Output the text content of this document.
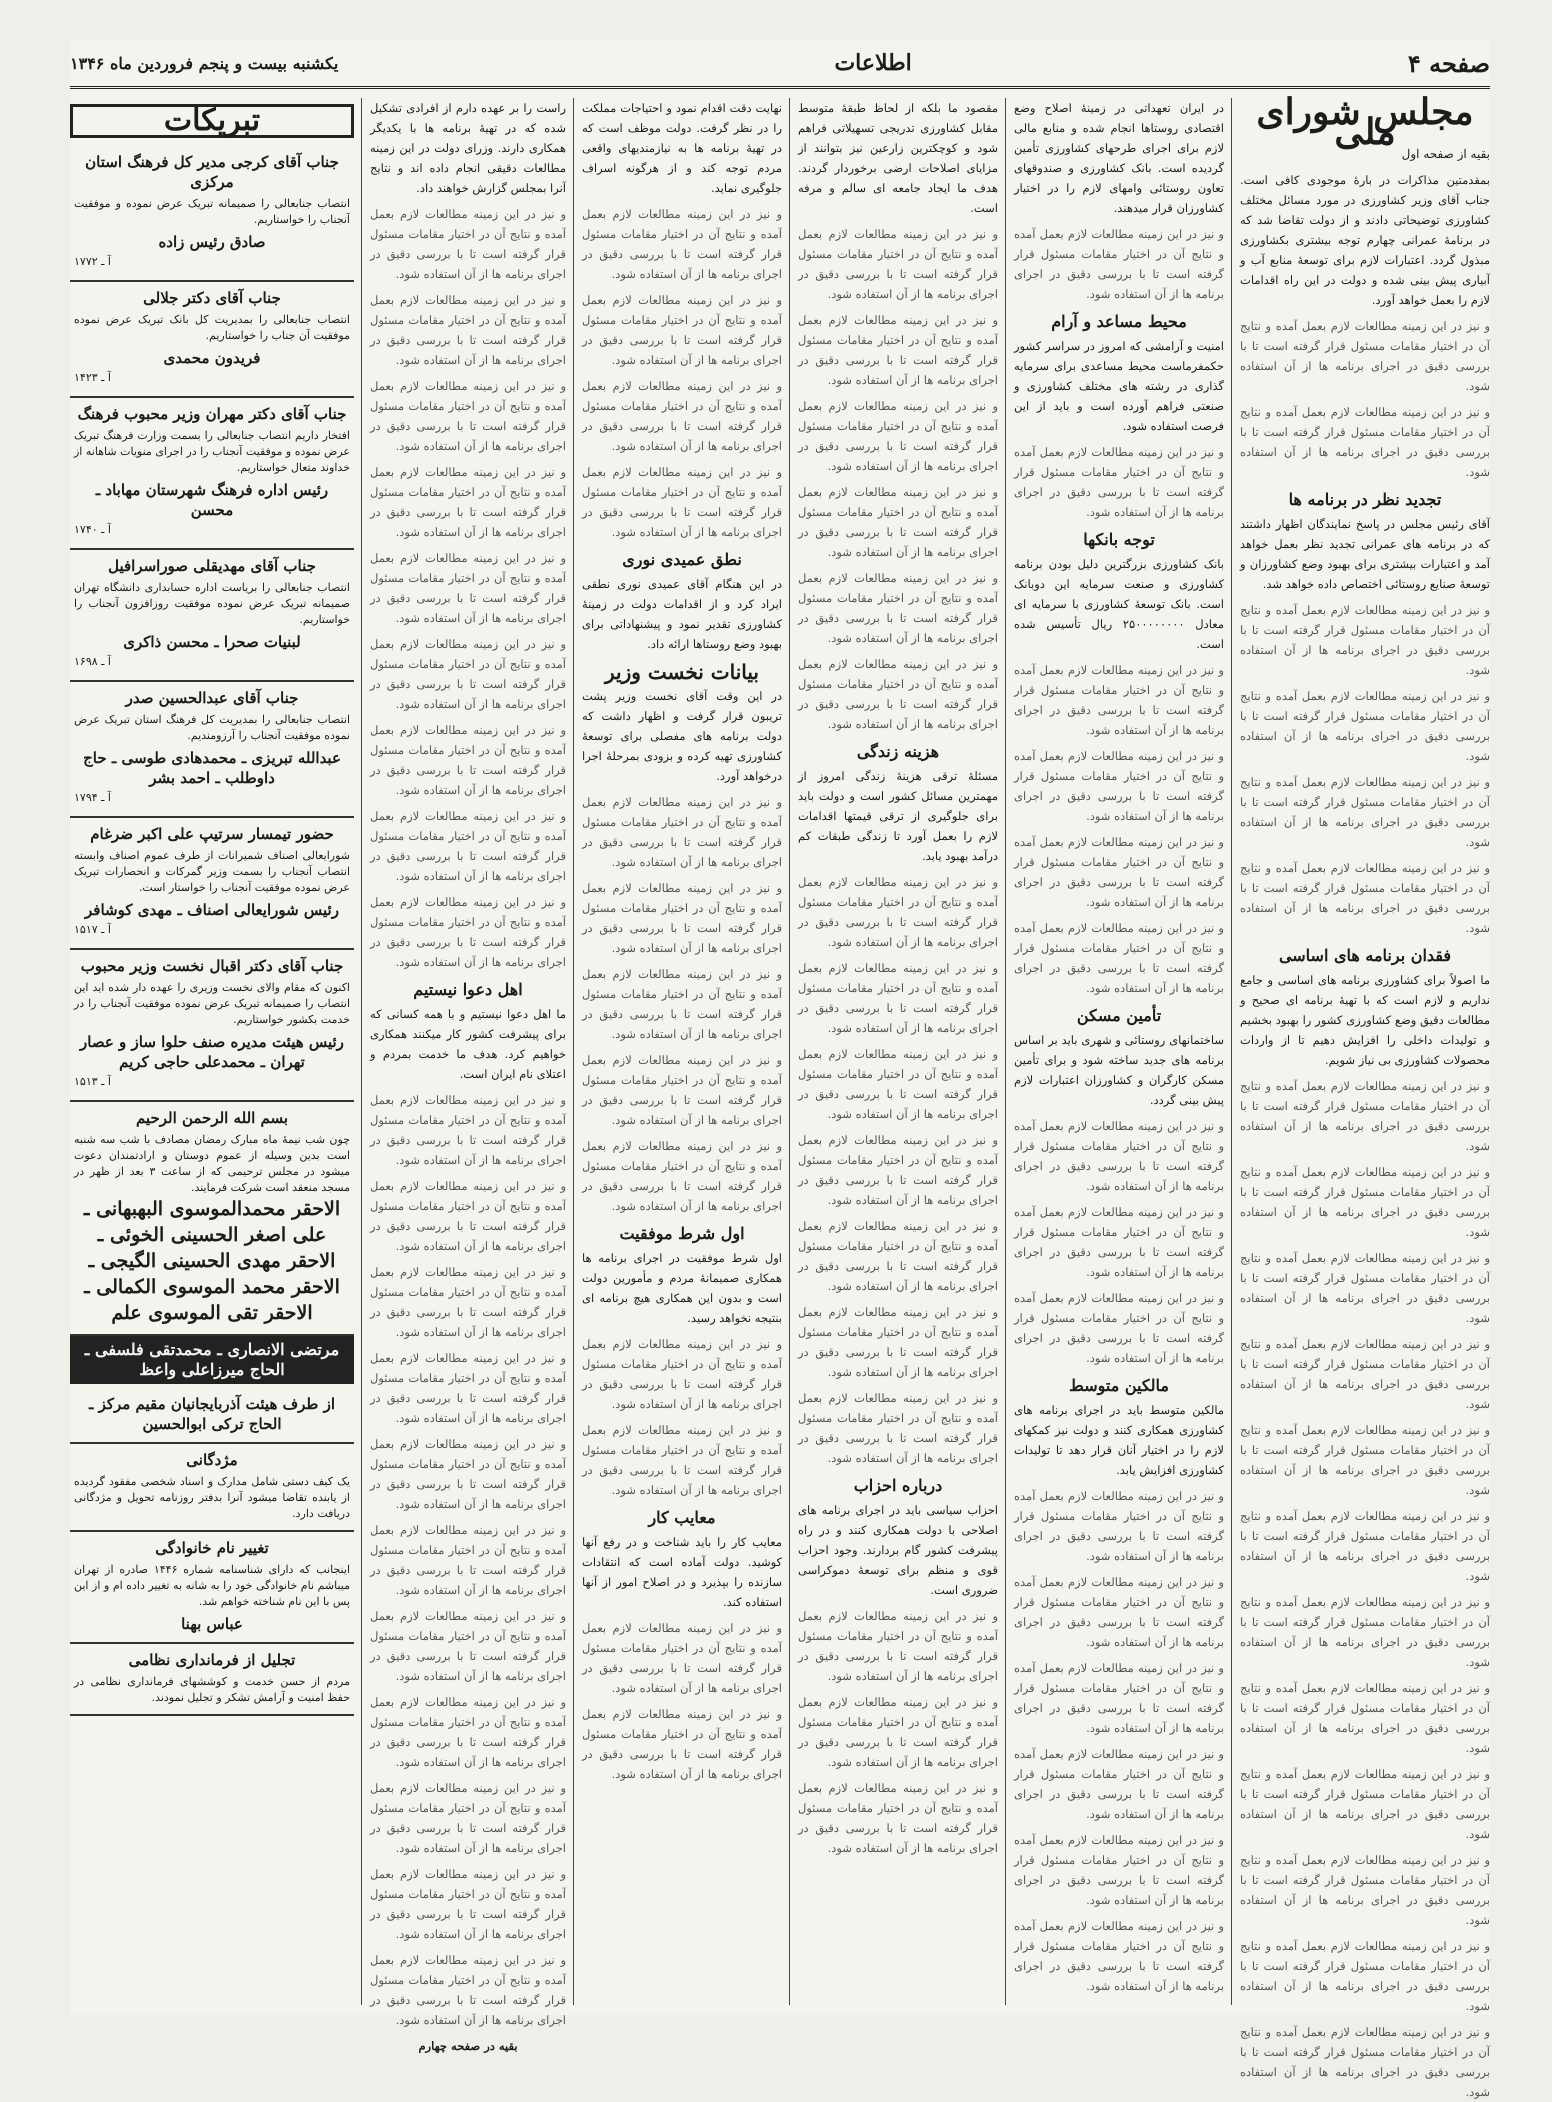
صفحه ۴
اطلاعات
یکشنبه بیست و پنجم فروردین ماه ۱۳۴۶
مجلس شورای ملی
بقیه از صفحه اول

بمقدمتین مذاکرات در بارهٔ موجودی کافی است. جناب آقای وزیر کشاورزی در مورد مسائل مختلف کشاورزی توضیحاتی دادند و از دولت تقاضا شد که در برنامهٔ عمرانی چهارم توجه بیشتری بکشاورزی مبذول گردد. اعتبارات لازم برای توسعهٔ منابع آب و آبیاری پیش بینی شده و دولت در این راه اقدامات لازم را بعمل خواهد آورد.

و نیز در این زمینه مطالعات لازم بعمل آمده و نتایج آن در اختیار مقامات مسئول قرار گرفته است تا با بررسی دقیق در اجرای برنامه ها از آن استفاده شود.

و نیز در این زمینه مطالعات لازم بعمل آمده و نتایج آن در اختیار مقامات مسئول قرار گرفته است تا با بررسی دقیق در اجرای برنامه ها از آن استفاده شود.

تجدید نظر در برنامه ها

آقای رئیس مجلس در پاسخ نمایندگان اظهار داشتند که در برنامه های عمرانی تجدید نظر بعمل خواهد آمد و اعتبارات بیشتری برای بهبود وضع کشاورزان و توسعهٔ صنایع روستائی اختصاص داده خواهد شد.

و نیز در این زمینه مطالعات لازم بعمل آمده و نتایج آن در اختیار مقامات مسئول قرار گرفته است تا با بررسی دقیق در اجرای برنامه ها از آن استفاده شود.

و نیز در این زمینه مطالعات لازم بعمل آمده و نتایج آن در اختیار مقامات مسئول قرار گرفته است تا با بررسی دقیق در اجرای برنامه ها از آن استفاده شود.

و نیز در این زمینه مطالعات لازم بعمل آمده و نتایج آن در اختیار مقامات مسئول قرار گرفته است تا با بررسی دقیق در اجرای برنامه ها از آن استفاده شود.

و نیز در این زمینه مطالعات لازم بعمل آمده و نتایج آن در اختیار مقامات مسئول قرار گرفته است تا با بررسی دقیق در اجرای برنامه ها از آن استفاده شود.

فقدان برنامه های اساسی

ما اصولاً برای کشاورزی برنامه های اساسی و جامع نداریم و لازم است که با تهیهٔ برنامه ای صحیح و مطالعات دقیق وضع کشاورزی کشور را بهبود بخشیم و تولیدات داخلی را افزایش دهیم تا از واردات محصولات کشاورزی بی نیاز شویم.

و نیز در این زمینه مطالعات لازم بعمل آمده و نتایج آن در اختیار مقامات مسئول قرار گرفته است تا با بررسی دقیق در اجرای برنامه ها از آن استفاده شود.

و نیز در این زمینه مطالعات لازم بعمل آمده و نتایج آن در اختیار مقامات مسئول قرار گرفته است تا با بررسی دقیق در اجرای برنامه ها از آن استفاده شود.

و نیز در این زمینه مطالعات لازم بعمل آمده و نتایج آن در اختیار مقامات مسئول قرار گرفته است تا با بررسی دقیق در اجرای برنامه ها از آن استفاده شود.

و نیز در این زمینه مطالعات لازم بعمل آمده و نتایج آن در اختیار مقامات مسئول قرار گرفته است تا با بررسی دقیق در اجرای برنامه ها از آن استفاده شود.

و نیز در این زمینه مطالعات لازم بعمل آمده و نتایج آن در اختیار مقامات مسئول قرار گرفته است تا با بررسی دقیق در اجرای برنامه ها از آن استفاده شود.

و نیز در این زمینه مطالعات لازم بعمل آمده و نتایج آن در اختیار مقامات مسئول قرار گرفته است تا با بررسی دقیق در اجرای برنامه ها از آن استفاده شود.

و نیز در این زمینه مطالعات لازم بعمل آمده و نتایج آن در اختیار مقامات مسئول قرار گرفته است تا با بررسی دقیق در اجرای برنامه ها از آن استفاده شود.

و نیز در این زمینه مطالعات لازم بعمل آمده و نتایج آن در اختیار مقامات مسئول قرار گرفته است تا با بررسی دقیق در اجرای برنامه ها از آن استفاده شود.

و نیز در این زمینه مطالعات لازم بعمل آمده و نتایج آن در اختیار مقامات مسئول قرار گرفته است تا با بررسی دقیق در اجرای برنامه ها از آن استفاده شود.

و نیز در این زمینه مطالعات لازم بعمل آمده و نتایج آن در اختیار مقامات مسئول قرار گرفته است تا با بررسی دقیق در اجرای برنامه ها از آن استفاده شود.

و نیز در این زمینه مطالعات لازم بعمل آمده و نتایج آن در اختیار مقامات مسئول قرار گرفته است تا با بررسی دقیق در اجرای برنامه ها از آن استفاده شود.

و نیز در این زمینه مطالعات لازم بعمل آمده و نتایج آن در اختیار مقامات مسئول قرار گرفته است تا با بررسی دقیق در اجرای برنامه ها از آن استفاده شود.

در ایران تعهداتی در زمینهٔ اصلاح وضع اقتصادی روستاها انجام شده و منابع مالی لازم برای اجرای طرحهای کشاورزی تأمین گردیده است. بانک کشاورزی و صندوقهای تعاون روستائی وامهای لازم را در اختیار کشاورزان قرار میدهند.

و نیز در این زمینه مطالعات لازم بعمل آمده و نتایج آن در اختیار مقامات مسئول قرار گرفته است تا با بررسی دقیق در اجرای برنامه ها از آن استفاده شود.

محیط مساعد و آرام

امنیت و آرامشی که امروز در سراسر کشور حکمفرماست محیط مساعدی برای سرمایه گذاری در رشته های مختلف کشاورزی و صنعتی فراهم آورده است و باید از این فرصت استفاده شود.

و نیز در این زمینه مطالعات لازم بعمل آمده و نتایج آن در اختیار مقامات مسئول قرار گرفته است تا با بررسی دقیق در اجرای برنامه ها از آن استفاده شود.

توجه بانکها

بانک کشاورزی بزرگترین دلیل بودن برنامه کشاورزی و صنعت سرمایه این دوبانک است. بانک توسعهٔ کشاورزی با سرمایه ای معادل ۲۵۰۰۰۰۰۰۰۰ ریال تأسیس شده است.

و نیز در این زمینه مطالعات لازم بعمل آمده و نتایج آن در اختیار مقامات مسئول قرار گرفته است تا با بررسی دقیق در اجرای برنامه ها از آن استفاده شود.

و نیز در این زمینه مطالعات لازم بعمل آمده و نتایج آن در اختیار مقامات مسئول قرار گرفته است تا با بررسی دقیق در اجرای برنامه ها از آن استفاده شود.

و نیز در این زمینه مطالعات لازم بعمل آمده و نتایج آن در اختیار مقامات مسئول قرار گرفته است تا با بررسی دقیق در اجرای برنامه ها از آن استفاده شود.

و نیز در این زمینه مطالعات لازم بعمل آمده و نتایج آن در اختیار مقامات مسئول قرار گرفته است تا با بررسی دقیق در اجرای برنامه ها از آن استفاده شود.

تأمین مسکن

ساختمانهای روستائی و شهری باید بر اساس برنامه های جدید ساخته شود و برای تأمین مسکن کارگران و کشاورزان اعتبارات لازم پیش بینی گردد.

و نیز در این زمینه مطالعات لازم بعمل آمده و نتایج آن در اختیار مقامات مسئول قرار گرفته است تا با بررسی دقیق در اجرای برنامه ها از آن استفاده شود.

و نیز در این زمینه مطالعات لازم بعمل آمده و نتایج آن در اختیار مقامات مسئول قرار گرفته است تا با بررسی دقیق در اجرای برنامه ها از آن استفاده شود.

و نیز در این زمینه مطالعات لازم بعمل آمده و نتایج آن در اختیار مقامات مسئول قرار گرفته است تا با بررسی دقیق در اجرای برنامه ها از آن استفاده شود.

مالکین متوسط

مالکین متوسط باید در اجرای برنامه های کشاورزی همکاری کنند و دولت نیز کمکهای لازم را در اختیار آنان قرار دهد تا تولیدات کشاورزی افزایش یابد.

و نیز در این زمینه مطالعات لازم بعمل آمده و نتایج آن در اختیار مقامات مسئول قرار گرفته است تا با بررسی دقیق در اجرای برنامه ها از آن استفاده شود.

و نیز در این زمینه مطالعات لازم بعمل آمده و نتایج آن در اختیار مقامات مسئول قرار گرفته است تا با بررسی دقیق در اجرای برنامه ها از آن استفاده شود.

و نیز در این زمینه مطالعات لازم بعمل آمده و نتایج آن در اختیار مقامات مسئول قرار گرفته است تا با بررسی دقیق در اجرای برنامه ها از آن استفاده شود.

و نیز در این زمینه مطالعات لازم بعمل آمده و نتایج آن در اختیار مقامات مسئول قرار گرفته است تا با بررسی دقیق در اجرای برنامه ها از آن استفاده شود.

و نیز در این زمینه مطالعات لازم بعمل آمده و نتایج آن در اختیار مقامات مسئول قرار گرفته است تا با بررسی دقیق در اجرای برنامه ها از آن استفاده شود.

و نیز در این زمینه مطالعات لازم بعمل آمده و نتایج آن در اختیار مقامات مسئول قرار گرفته است تا با بررسی دقیق در اجرای برنامه ها از آن استفاده شود.

مقصود ما بلکه از لحاظ طبقهٔ متوسط مقابل کشاورزی تدریجی تسهیلاتی فراهم شود و کوچکترین زارعین نیز بتوانند از مزایای اصلاحات ارضی برخوردار گردند. هدف ما ایجاد جامعه ای سالم و مرفه است.

و نیز در این زمینه مطالعات لازم بعمل آمده و نتایج آن در اختیار مقامات مسئول قرار گرفته است تا با بررسی دقیق در اجرای برنامه ها از آن استفاده شود.

و نیز در این زمینه مطالعات لازم بعمل آمده و نتایج آن در اختیار مقامات مسئول قرار گرفته است تا با بررسی دقیق در اجرای برنامه ها از آن استفاده شود.

و نیز در این زمینه مطالعات لازم بعمل آمده و نتایج آن در اختیار مقامات مسئول قرار گرفته است تا با بررسی دقیق در اجرای برنامه ها از آن استفاده شود.

و نیز در این زمینه مطالعات لازم بعمل آمده و نتایج آن در اختیار مقامات مسئول قرار گرفته است تا با بررسی دقیق در اجرای برنامه ها از آن استفاده شود.

و نیز در این زمینه مطالعات لازم بعمل آمده و نتایج آن در اختیار مقامات مسئول قرار گرفته است تا با بررسی دقیق در اجرای برنامه ها از آن استفاده شود.

و نیز در این زمینه مطالعات لازم بعمل آمده و نتایج آن در اختیار مقامات مسئول قرار گرفته است تا با بررسی دقیق در اجرای برنامه ها از آن استفاده شود.

هزینه زندگی

مسئلهٔ ترقی هزینهٔ زندگی امروز از مهمترین مسائل کشور است و دولت باید برای جلوگیری از ترقی قیمتها اقدامات لازم را بعمل آورد تا زندگی طبقات کم درآمد بهبود یابد.

و نیز در این زمینه مطالعات لازم بعمل آمده و نتایج آن در اختیار مقامات مسئول قرار گرفته است تا با بررسی دقیق در اجرای برنامه ها از آن استفاده شود.

و نیز در این زمینه مطالعات لازم بعمل آمده و نتایج آن در اختیار مقامات مسئول قرار گرفته است تا با بررسی دقیق در اجرای برنامه ها از آن استفاده شود.

و نیز در این زمینه مطالعات لازم بعمل آمده و نتایج آن در اختیار مقامات مسئول قرار گرفته است تا با بررسی دقیق در اجرای برنامه ها از آن استفاده شود.

و نیز در این زمینه مطالعات لازم بعمل آمده و نتایج آن در اختیار مقامات مسئول قرار گرفته است تا با بررسی دقیق در اجرای برنامه ها از آن استفاده شود.

و نیز در این زمینه مطالعات لازم بعمل آمده و نتایج آن در اختیار مقامات مسئول قرار گرفته است تا با بررسی دقیق در اجرای برنامه ها از آن استفاده شود.

و نیز در این زمینه مطالعات لازم بعمل آمده و نتایج آن در اختیار مقامات مسئول قرار گرفته است تا با بررسی دقیق در اجرای برنامه ها از آن استفاده شود.

و نیز در این زمینه مطالعات لازم بعمل آمده و نتایج آن در اختیار مقامات مسئول قرار گرفته است تا با بررسی دقیق در اجرای برنامه ها از آن استفاده شود.

درباره احزاب

احزاب سیاسی باید در اجرای برنامه های اصلاحی با دولت همکاری کنند و در راه پیشرفت کشور گام بردارند. وجود احزاب قوی و منظم برای توسعهٔ دموکراسی ضروری است.

و نیز در این زمینه مطالعات لازم بعمل آمده و نتایج آن در اختیار مقامات مسئول قرار گرفته است تا با بررسی دقیق در اجرای برنامه ها از آن استفاده شود.

و نیز در این زمینه مطالعات لازم بعمل آمده و نتایج آن در اختیار مقامات مسئول قرار گرفته است تا با بررسی دقیق در اجرای برنامه ها از آن استفاده شود.

و نیز در این زمینه مطالعات لازم بعمل آمده و نتایج آن در اختیار مقامات مسئول قرار گرفته است تا با بررسی دقیق در اجرای برنامه ها از آن استفاده شود.

نهایت دقت اقدام نمود و احتیاجات مملکت را در نظر گرفت. دولت موظف است که در تهیهٔ برنامه ها به نیازمندیهای واقعی مردم توجه کند و از هرگونه اسراف جلوگیری نماید.

و نیز در این زمینه مطالعات لازم بعمل آمده و نتایج آن در اختیار مقامات مسئول قرار گرفته است تا با بررسی دقیق در اجرای برنامه ها از آن استفاده شود.

و نیز در این زمینه مطالعات لازم بعمل آمده و نتایج آن در اختیار مقامات مسئول قرار گرفته است تا با بررسی دقیق در اجرای برنامه ها از آن استفاده شود.

و نیز در این زمینه مطالعات لازم بعمل آمده و نتایج آن در اختیار مقامات مسئول قرار گرفته است تا با بررسی دقیق در اجرای برنامه ها از آن استفاده شود.

و نیز در این زمینه مطالعات لازم بعمل آمده و نتایج آن در اختیار مقامات مسئول قرار گرفته است تا با بررسی دقیق در اجرای برنامه ها از آن استفاده شود.

نطق عمیدی نوری

در این هنگام آقای عمیدی نوری نطقی ایراد کرد و از اقدامات دولت در زمینهٔ کشاورزی تقدیر نمود و پیشنهاداتی برای بهبود وضع روستاها ارائه داد.

بیانات نخست وزیر

در این وقت آقای نخست وزیر پشت تریبون قرار گرفت و اظهار داشت که دولت برنامه های مفصلی برای توسعهٔ کشاورزی تهیه کرده و بزودی بمرحلهٔ اجرا درخواهد آورد.

و نیز در این زمینه مطالعات لازم بعمل آمده و نتایج آن در اختیار مقامات مسئول قرار گرفته است تا با بررسی دقیق در اجرای برنامه ها از آن استفاده شود.

و نیز در این زمینه مطالعات لازم بعمل آمده و نتایج آن در اختیار مقامات مسئول قرار گرفته است تا با بررسی دقیق در اجرای برنامه ها از آن استفاده شود.

و نیز در این زمینه مطالعات لازم بعمل آمده و نتایج آن در اختیار مقامات مسئول قرار گرفته است تا با بررسی دقیق در اجرای برنامه ها از آن استفاده شود.

و نیز در این زمینه مطالعات لازم بعمل آمده و نتایج آن در اختیار مقامات مسئول قرار گرفته است تا با بررسی دقیق در اجرای برنامه ها از آن استفاده شود.

و نیز در این زمینه مطالعات لازم بعمل آمده و نتایج آن در اختیار مقامات مسئول قرار گرفته است تا با بررسی دقیق در اجرای برنامه ها از آن استفاده شود.

اول شرط موفقیت

اول شرط موفقیت در اجرای برنامه ها همکاری صمیمانهٔ مردم و مأمورین دولت است و بدون این همکاری هیچ برنامه ای بنتیجه نخواهد رسید.

و نیز در این زمینه مطالعات لازم بعمل آمده و نتایج آن در اختیار مقامات مسئول قرار گرفته است تا با بررسی دقیق در اجرای برنامه ها از آن استفاده شود.

و نیز در این زمینه مطالعات لازم بعمل آمده و نتایج آن در اختیار مقامات مسئول قرار گرفته است تا با بررسی دقیق در اجرای برنامه ها از آن استفاده شود.

معایب کار

معایب کار را باید شناخت و در رفع آنها کوشید. دولت آماده است که انتقادات سازنده را بپذیرد و در اصلاح امور از آنها استفاده کند.

و نیز در این زمینه مطالعات لازم بعمل آمده و نتایج آن در اختیار مقامات مسئول قرار گرفته است تا با بررسی دقیق در اجرای برنامه ها از آن استفاده شود.

و نیز در این زمینه مطالعات لازم بعمل آمده و نتایج آن در اختیار مقامات مسئول قرار گرفته است تا با بررسی دقیق در اجرای برنامه ها از آن استفاده شود.

راست را بر عهده دارم از افرادی تشکیل شده که در تهیهٔ برنامه ها با یکدیگر همکاری دارند. وزرای دولت در این زمینه مطالعات دقیقی انجام داده اند و نتایج آنرا بمجلس گزارش خواهند داد.

و نیز در این زمینه مطالعات لازم بعمل آمده و نتایج آن در اختیار مقامات مسئول قرار گرفته است تا با بررسی دقیق در اجرای برنامه ها از آن استفاده شود.

و نیز در این زمینه مطالعات لازم بعمل آمده و نتایج آن در اختیار مقامات مسئول قرار گرفته است تا با بررسی دقیق در اجرای برنامه ها از آن استفاده شود.

و نیز در این زمینه مطالعات لازم بعمل آمده و نتایج آن در اختیار مقامات مسئول قرار گرفته است تا با بررسی دقیق در اجرای برنامه ها از آن استفاده شود.

و نیز در این زمینه مطالعات لازم بعمل آمده و نتایج آن در اختیار مقامات مسئول قرار گرفته است تا با بررسی دقیق در اجرای برنامه ها از آن استفاده شود.

و نیز در این زمینه مطالعات لازم بعمل آمده و نتایج آن در اختیار مقامات مسئول قرار گرفته است تا با بررسی دقیق در اجرای برنامه ها از آن استفاده شود.

و نیز در این زمینه مطالعات لازم بعمل آمده و نتایج آن در اختیار مقامات مسئول قرار گرفته است تا با بررسی دقیق در اجرای برنامه ها از آن استفاده شود.

و نیز در این زمینه مطالعات لازم بعمل آمده و نتایج آن در اختیار مقامات مسئول قرار گرفته است تا با بررسی دقیق در اجرای برنامه ها از آن استفاده شود.

و نیز در این زمینه مطالعات لازم بعمل آمده و نتایج آن در اختیار مقامات مسئول قرار گرفته است تا با بررسی دقیق در اجرای برنامه ها از آن استفاده شود.

و نیز در این زمینه مطالعات لازم بعمل آمده و نتایج آن در اختیار مقامات مسئول قرار گرفته است تا با بررسی دقیق در اجرای برنامه ها از آن استفاده شود.

اهل دعوا نیستیم

ما اهل دعوا نیستیم و با همه کسانی که برای پیشرفت کشور کار میکنند همکاری خواهیم کرد. هدف ما خدمت بمردم و اعتلای نام ایران است.

و نیز در این زمینه مطالعات لازم بعمل آمده و نتایج آن در اختیار مقامات مسئول قرار گرفته است تا با بررسی دقیق در اجرای برنامه ها از آن استفاده شود.

و نیز در این زمینه مطالعات لازم بعمل آمده و نتایج آن در اختیار مقامات مسئول قرار گرفته است تا با بررسی دقیق در اجرای برنامه ها از آن استفاده شود.

و نیز در این زمینه مطالعات لازم بعمل آمده و نتایج آن در اختیار مقامات مسئول قرار گرفته است تا با بررسی دقیق در اجرای برنامه ها از آن استفاده شود.

و نیز در این زمینه مطالعات لازم بعمل آمده و نتایج آن در اختیار مقامات مسئول قرار گرفته است تا با بررسی دقیق در اجرای برنامه ها از آن استفاده شود.

و نیز در این زمینه مطالعات لازم بعمل آمده و نتایج آن در اختیار مقامات مسئول قرار گرفته است تا با بررسی دقیق در اجرای برنامه ها از آن استفاده شود.

و نیز در این زمینه مطالعات لازم بعمل آمده و نتایج آن در اختیار مقامات مسئول قرار گرفته است تا با بررسی دقیق در اجرای برنامه ها از آن استفاده شود.

و نیز در این زمینه مطالعات لازم بعمل آمده و نتایج آن در اختیار مقامات مسئول قرار گرفته است تا با بررسی دقیق در اجرای برنامه ها از آن استفاده شود.

و نیز در این زمینه مطالعات لازم بعمل آمده و نتایج آن در اختیار مقامات مسئول قرار گرفته است تا با بررسی دقیق در اجرای برنامه ها از آن استفاده شود.

و نیز در این زمینه مطالعات لازم بعمل آمده و نتایج آن در اختیار مقامات مسئول قرار گرفته است تا با بررسی دقیق در اجرای برنامه ها از آن استفاده شود.

و نیز در این زمینه مطالعات لازم بعمل آمده و نتایج آن در اختیار مقامات مسئول قرار گرفته است تا با بررسی دقیق در اجرای برنامه ها از آن استفاده شود.

و نیز در این زمینه مطالعات لازم بعمل آمده و نتایج آن در اختیار مقامات مسئول قرار گرفته است تا با بررسی دقیق در اجرای برنامه ها از آن استفاده شود.

بقیه در صفحه چهارم

تبریکات
جناب آقای کرجی مدیر کل فرهنگ استان مرکزی
انتصاب جنابعالی را صمیمانه تبریک عرض نموده و موفقیت آنجناب را خواستاریم.
صادق رئیس زاده
آ ـ ۱۷۷۲
جناب آقای دکتر جلالی
انتصاب جنابعالی را بمدیریت کل بانک تبریک عرض نموده موفقیت آن جناب را خواستاریم.
فریدون محمدی
آ ـ ۱۴۲۳
جناب آقای دکتر مهران وزیر محبوب فرهنگ
افتخار داریم انتصاب جنابعالی را بسمت وزارت فرهنگ تبریک عرض نموده و موفقیت آنجناب را در اجرای منویات شاهانه از خداوند متعال خواستاریم.
رئیس اداره فرهنگ شهرستان مهاباد ـ محسن
آ ـ ۱۷۴۰
جناب آقای مهدیقلی صوراسرافیل
انتصاب جنابعالی را بریاست اداره حسابداری دانشگاه تهران صمیمانه تبریک عرض نموده موفقیت روزافزون آنجناب را خواستاریم.
لبنیات صحرا ـ محسن ذاکری
آ ـ ۱۶۹۸
جناب آقای عبدالحسین صدر
انتصاب جنابعالی را بمدیریت کل فرهنگ استان تبریک عرض نموده موفقیت آنجناب را آرزومندیم.
عبدالله تبریزی ـ محمدهادی طوسی ـ حاج داوطلب ـ احمد بشر
آ ـ ۱۷۹۴
حضور تیمسار سرتیپ علی اکبر ضرغام
شورایعالی اصناف شمیرانات از طرف عموم اصناف وابسته انتصاب آنجناب را بسمت وزیر گمرکات و انحصارات تبریک عرض نموده موفقیت آنجناب را خواستار است.
رئیس شورایعالی اصناف ـ مهدی کوشافر
آ ـ ۱۵۱۷
جناب آقای دکتر اقبال نخست وزیر محبوب
اکنون که مقام والای نخست وزیری را عهده دار شده اید این انتصاب را صمیمانه تبریک عرض نموده موفقیت آنجناب را در خدمت بکشور خواستاریم.
رئیس هیئت مدیره صنف حلوا ساز و عصار تهران ـ محمدعلی حاجی کریم
آ ـ ۱۵۱۳
بسم الله الرحمن الرحیم
چون شب نیمهٔ ماه مبارک رمضان مصادف با شب سه شنبه است بدین وسیله از عموم دوستان و ارادتمندان دعوت میشود در مجلس ترحیمی که از ساعت ۳ بعد از ظهر در مسجد منعقد است شرکت فرمایند.
الاحقر محمدالموسوی البهبهانی ـ علی اصغر الحسینی الخوئی ـ الاحقر مهدی الحسینی الگیجی ـ الاحقر محمد الموسوی الکمالی ـ الاحقر تقی الموسوی علم
مرتضی الانصاری ـ محمدتقی فلسفی ـ الحاج میرزاعلی واعظ
از طرف هیئت آذربایجانیان مقیم مرکز ـ الحاج ترکی ابوالحسین
مژدگانی
یک کیف دستی شامل مدارک و اسناد شخصی مفقود گردیده از یابنده تقاضا میشود آنرا بدفتر روزنامه تحویل و مژدگانی دریافت دارد.
تغییر نام خانوادگی
اینجانب که دارای شناسنامه شماره ۱۴۴۶ صادره از تهران میباشم نام خانوادگی خود را به شانه به تغییر داده ام و از این پس با این نام شناخته خواهم شد.
عباس بهنا
تجلیل از فرمانداری نظامی
مردم از حسن خدمت و کوششهای فرمانداری نظامی در حفظ امنیت و آرامش تشکر و تجلیل نمودند.
